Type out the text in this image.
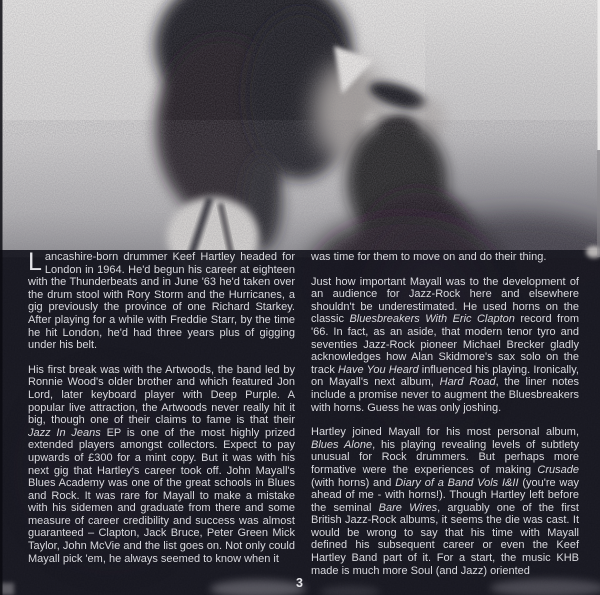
Lancashire-born drummer Keef Hartley headed for London in 1964. He'd begun his career at eighteen with the Thunderbeats and in June '63 he'd taken over the drum stool with Rory Storm and the Hurricanes, a gig previously the province of one Richard Starkey. After playing for a while with Freddie Starr, by the time he hit London, he'd had three years plus of gigging under his belt.

His first break was with the Artwoods, the band led by Ronnie Wood's older brother and which featured Jon Lord, later keyboard player with Deep Purple. A popular live attraction, the Artwoods never really hit it big, though one of their claims to fame is that their Jazz In Jeans EP is one of the most highly prized extended players amongst collectors. Expect to pay upwards of £300 for a mint copy. But it was with his next gig that Hartley's career took off. John Mayall's Blues Academy was one of the great schools in Blues and Rock. It was rare for Mayall to make a mistake with his sidemen and graduate from there and some measure of career credibility and success was almost guaranteed – Clapton, Jack Bruce, Peter Green Mick Taylor, John McVie and the list goes on. Not only could Mayall pick 'em, he always seemed to know when it

was time for them to move on and do their thing.

Just how important Mayall was to the development of an audience for Jazz-Rock here and elsewhere shouldn't be underestimated. He used horns on the classic Bluesbreakers With Eric Clapton record from '66. In fact, as an aside, that modern tenor tyro and seventies Jazz-Rock pioneer Michael Brecker gladly acknowledges how Alan Skidmore's sax solo on the track Have You Heard influenced his playing. Ironically, on Mayall's next album, Hard Road, the liner notes include a promise never to augment the Bluesbreakers with horns. Guess he was only joshing.

Hartley joined Mayall for his most personal album, Blues Alone, his playing revealing levels of subtlety unusual for Rock drummers. But perhaps more formative were the experiences of making Crusade (with horns) and Diary of a Band Vols I&II (you're way ahead of me - with horns!). Though Hartley left before the seminal Bare Wires, arguably one of the first British Jazz-Rock albums, it seems the die was cast. It would be wrong to say that his time with Mayall defined his subsequent career or even the Keef Hartley Band part of it. For a start, the music KHB made is much more Soul (and Jazz) oriented

3
